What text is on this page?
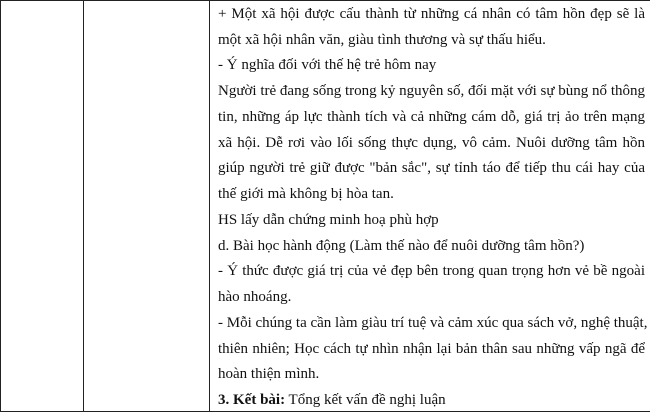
+ Một xã hội được cấu thành từ những cá nhân có tâm hồn đẹp sẽ là
một xã hội nhân văn, giàu tình thương và sự thấu hiểu.
- Ý nghĩa đối với thế hệ trẻ hôm nay
Người trẻ đang sống trong kỷ nguyên số, đối mặt với sự bùng nổ thông
tin, những áp lực thành tích và cả những cám dỗ, giá trị ảo trên mạng
xã hội. Dễ rơi vào lối sống thực dụng, vô cảm. Nuôi dưỡng tâm hồn
giúp người trẻ giữ được "bản sắc", sự tỉnh táo để tiếp thu cái hay của
thế giới mà không bị hòa tan.
HS lấy dẫn chứng minh hoạ phù hợp
d. Bài học hành động (Làm thế nào để nuôi dưỡng tâm hồn?)
- Ý thức được giá trị của vẻ đẹp bên trong quan trọng hơn vẻ bề ngoài
hào nhoáng.
- Mỗi chúng ta cần làm giàu trí tuệ và cảm xúc qua sách vở, nghệ thuật,
thiên nhiên; Học cách tự nhìn nhận lại bản thân sau những vấp ngã để
hoàn thiện mình.
3. Kết bài: Tổng kết vấn đề nghị luận
